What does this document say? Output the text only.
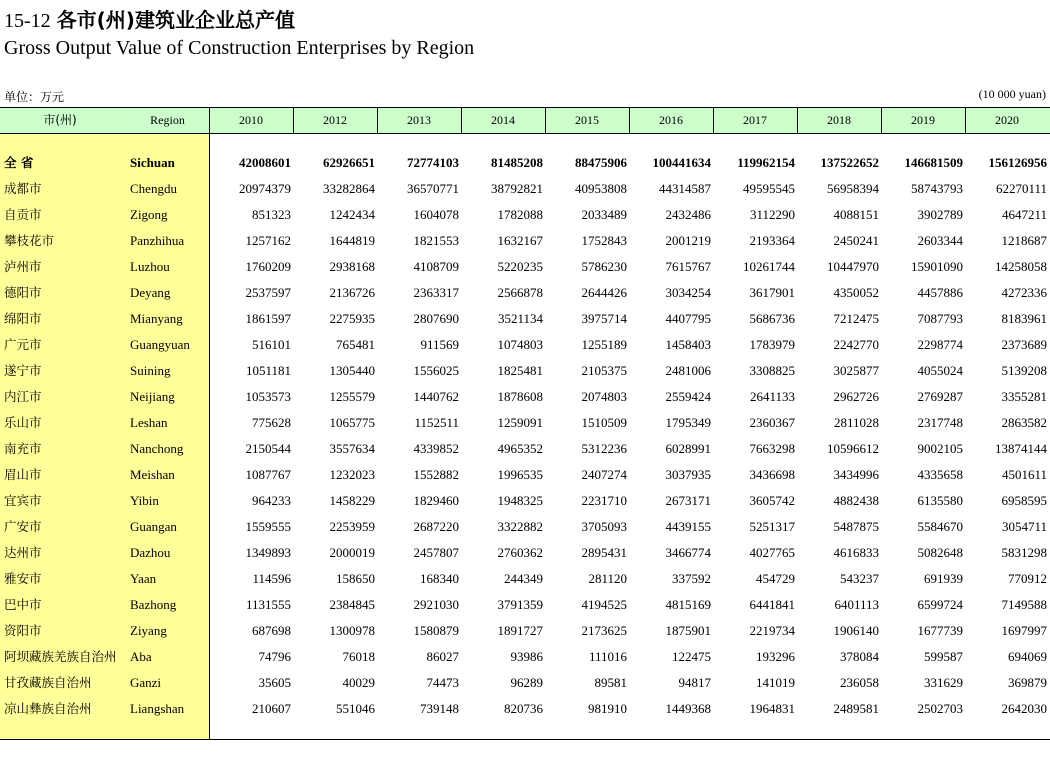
15-12 各市(州)建筑业企业总产值
Gross Output Value of Construction Enterprises by Region
单位：万元	(10 000 yuan)
市(州)	Region	2010	2012	2013	2014	2015	2016	2017	2018	2019	2020
全 省	Sichuan	42008601	62926651	72774103	81485208	88475906	100441634	119962154	137522652	146681509	156126956
成都市	Chengdu	20974379	33282864	36570771	38792821	40953808	44314587	49595545	56958394	58743793	62270111
自贡市	Zigong	851323	1242434	1604078	1782088	2033489	2432486	3112290	4088151	3902789	4647211
攀枝花市	Panzhihua	1257162	1644819	1821553	1632167	1752843	2001219	2193364	2450241	2603344	1218687
泸州市	Luzhou	1760209	2938168	4108709	5220235	5786230	7615767	10261744	10447970	15901090	14258058
德阳市	Deyang	2537597	2136726	2363317	2566878	2644426	3034254	3617901	4350052	4457886	4272336
绵阳市	Mianyang	1861597	2275935	2807690	3521134	3975714	4407795	5686736	7212475	7087793	8183961
广元市	Guangyuan	516101	765481	911569	1074803	1255189	1458403	1783979	2242770	2298774	2373689
遂宁市	Suining	1051181	1305440	1556025	1825481	2105375	2481006	3308825	3025877	4055024	5139208
内江市	Neijiang	1053573	1255579	1440762	1878608	2074803	2559424	2641133	2962726	2769287	3355281
乐山市	Leshan	775628	1065775	1152511	1259091	1510509	1795349	2360367	2811028	2317748	2863582
南充市	Nanchong	2150544	3557634	4339852	4965352	5312236	6028991	7663298	10596612	9002105	13874144
眉山市	Meishan	1087767	1232023	1552882	1996535	2407274	3037935	3436698	3434996	4335658	4501611
宜宾市	Yibin	964233	1458229	1829460	1948325	2231710	2673171	3605742	4882438	6135580	6958595
广安市	Guangan	1559555	2253959	2687220	3322882	3705093	4439155	5251317	5487875	5584670	3054711
达州市	Dazhou	1349893	2000019	2457807	2760362	2895431	3466774	4027765	4616833	5082648	5831298
雅安市	Yaan	114596	158650	168340	244349	281120	337592	454729	543237	691939	770912
巴中市	Bazhong	1131555	2384845	2921030	3791359	4194525	4815169	6441841	6401113	6599724	7149588
资阳市	Ziyang	687698	1300978	1580879	1891727	2173625	1875901	2219734	1906140	1677739	1697997
阿坝藏族羌族自治州 Aba	74796	76018	86027	93986	111016	122475	193296	378084	599587	694069
甘孜藏族自治州	Ganzi	35605	40029	74473	96289	89581	94817	141019	236058	331629	369879
凉山彝族自治州	Liangshan	210607	551046	739148	820736	981910	1449368	1964831	2489581	2502703	2642030
